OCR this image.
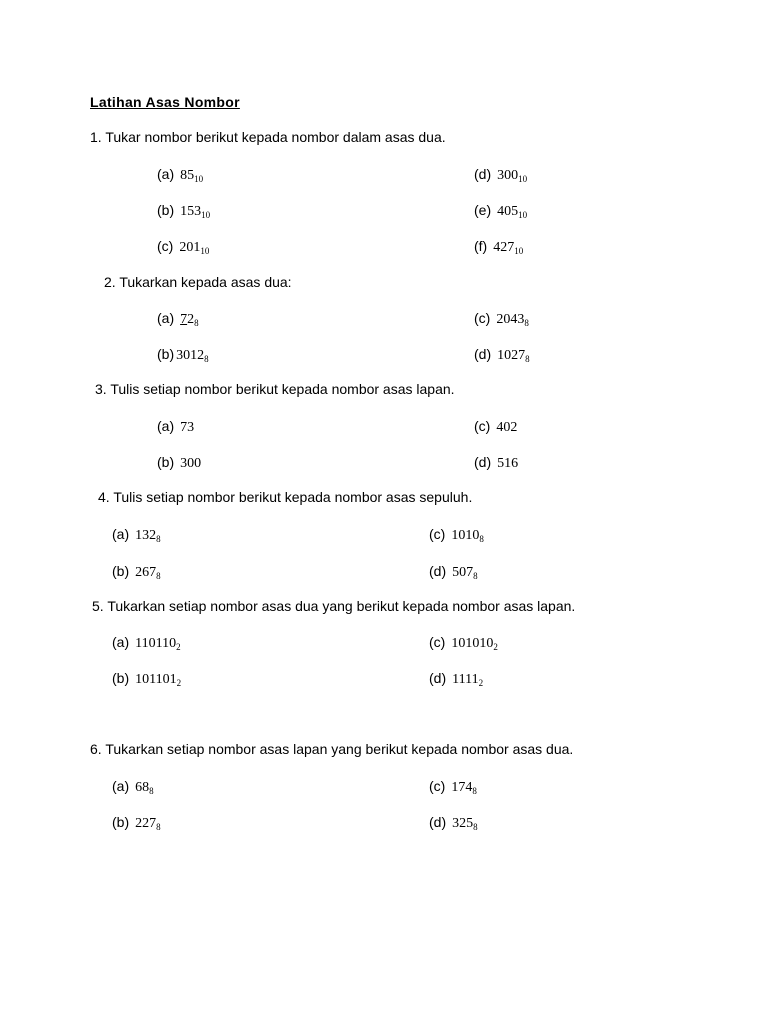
Latihan Asas Nombor
1. Tukar nombor berikut kepada nombor dalam asas dua.
(a) $85_{10}$
(b) $153_{10}$
(c) $201_{10}$
(d) $300_{10}$
(e) $405_{10}$
(f) $427_{10}$
2. Tukarkan kepada asas dua:
(a) $72_8$
(b) $3012_8$
(c) $2043_8$
(d) $1027_8$
3. Tulis setiap nombor berikut kepada nombor asas lapan.
(a) 73
(b) 300
(c) 402
(d) 516
4. Tulis setiap nombor berikut kepada nombor asas sepuluh.
(a) $132_8$
(b) $267_8$
(c) $1010_8$
(d) $507_8$
5. Tukarkan setiap nombor asas dua yang berikut kepada nombor asas lapan.
(a) $110110_2$
(b) $101101_2$
(c) $101010_2$
(d) $1111_2$
6. Tukarkan setiap nombor asas lapan yang berikut kepada nombor asas dua.
(a) $68_8$
(b) $227_8$
(c) $174_8$
(d) $325_8$
